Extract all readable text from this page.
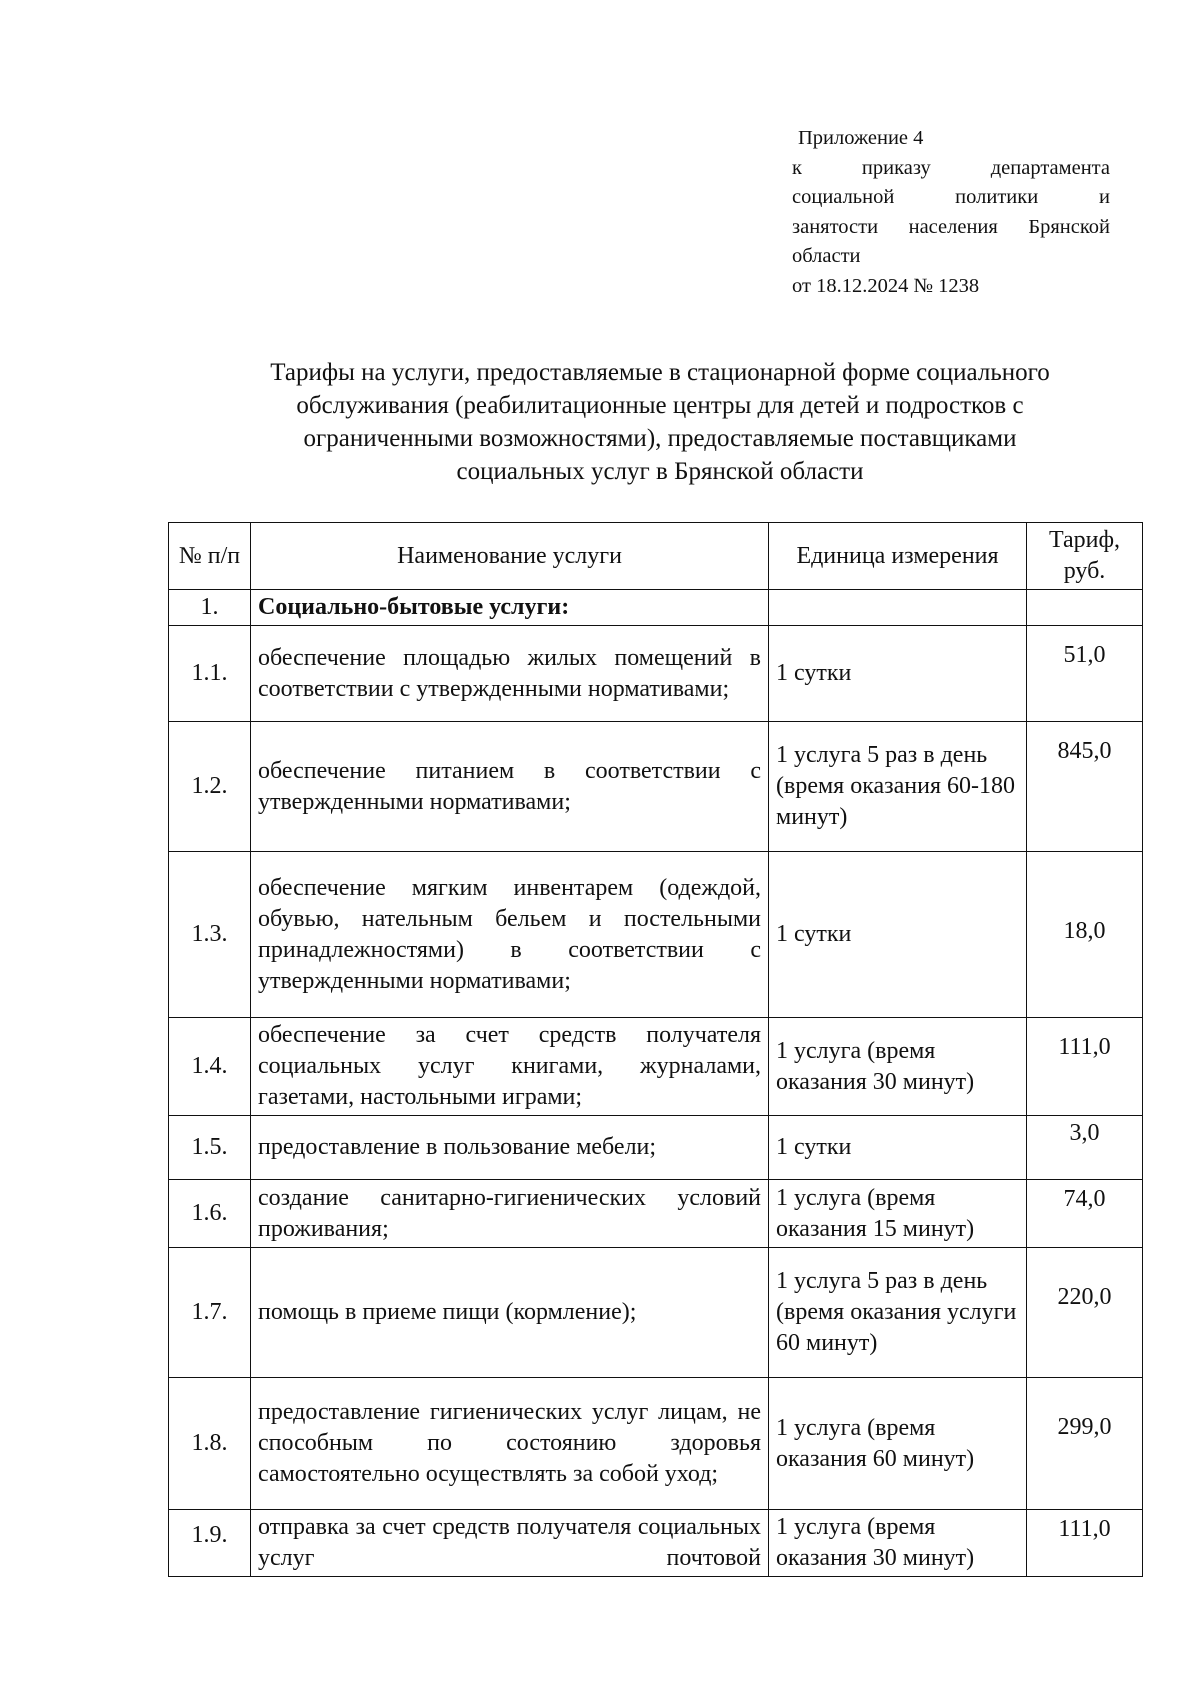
Приложение 4
к приказу департамента
социальной политики и
занятости населения Брянской
области
от 18.12.2024 № 1238
Тарифы на услуги, предоставляемые в стационарной форме социального
обслуживания (реабилитационные центры для детей и подростков с
ограниченными возможностями), предоставляемые поставщиками
социальных услуг в Брянской области
№ п/п	Наименование услуги	Единица измерения	Тариф, руб.
1.	Социально-бытовые услуги:		
1.1.	обеспечение площадью жилых помещений в соответствии с утвержденными нормативами;	1 сутки	51,0
1.2.	обеспечение питанием в соответствии с утвержденными нормативами;	1 услуга 5 раз в день (время оказания 60-180 минут)	845,0
1.3.	обеспечение мягким инвентарем (одеждой, обувью, нательным бельем и постельными принадлежностями) в соответствии с утвержденными нормативами;	1 сутки	18,0
1.4.	обеспечение за счет средств получателя социальных услуг книгами, журналами, газетами, настольными играми;	1 услуга (время оказания 30 минут)	111,0
1.5.	предоставление в пользование мебели;	1 сутки	3,0
1.6.	создание санитарно-гигиенических условий проживания;	1 услуга (время оказания 15 минут)	74,0
1.7.	помощь в приеме пищи (кормление);	1 услуга 5 раз в день (время оказания услуги 60 минут)	220,0
1.8.	предоставление гигиенических услуг лицам, не способным по состоянию здоровья самостоятельно осуществлять за собой уход;	1 услуга (время оказания 60 минут)	299,0
1.9.	отправка за счет средств получателя социальных услуг почтовой	1 услуга (время оказания 30 минут)	111,0
